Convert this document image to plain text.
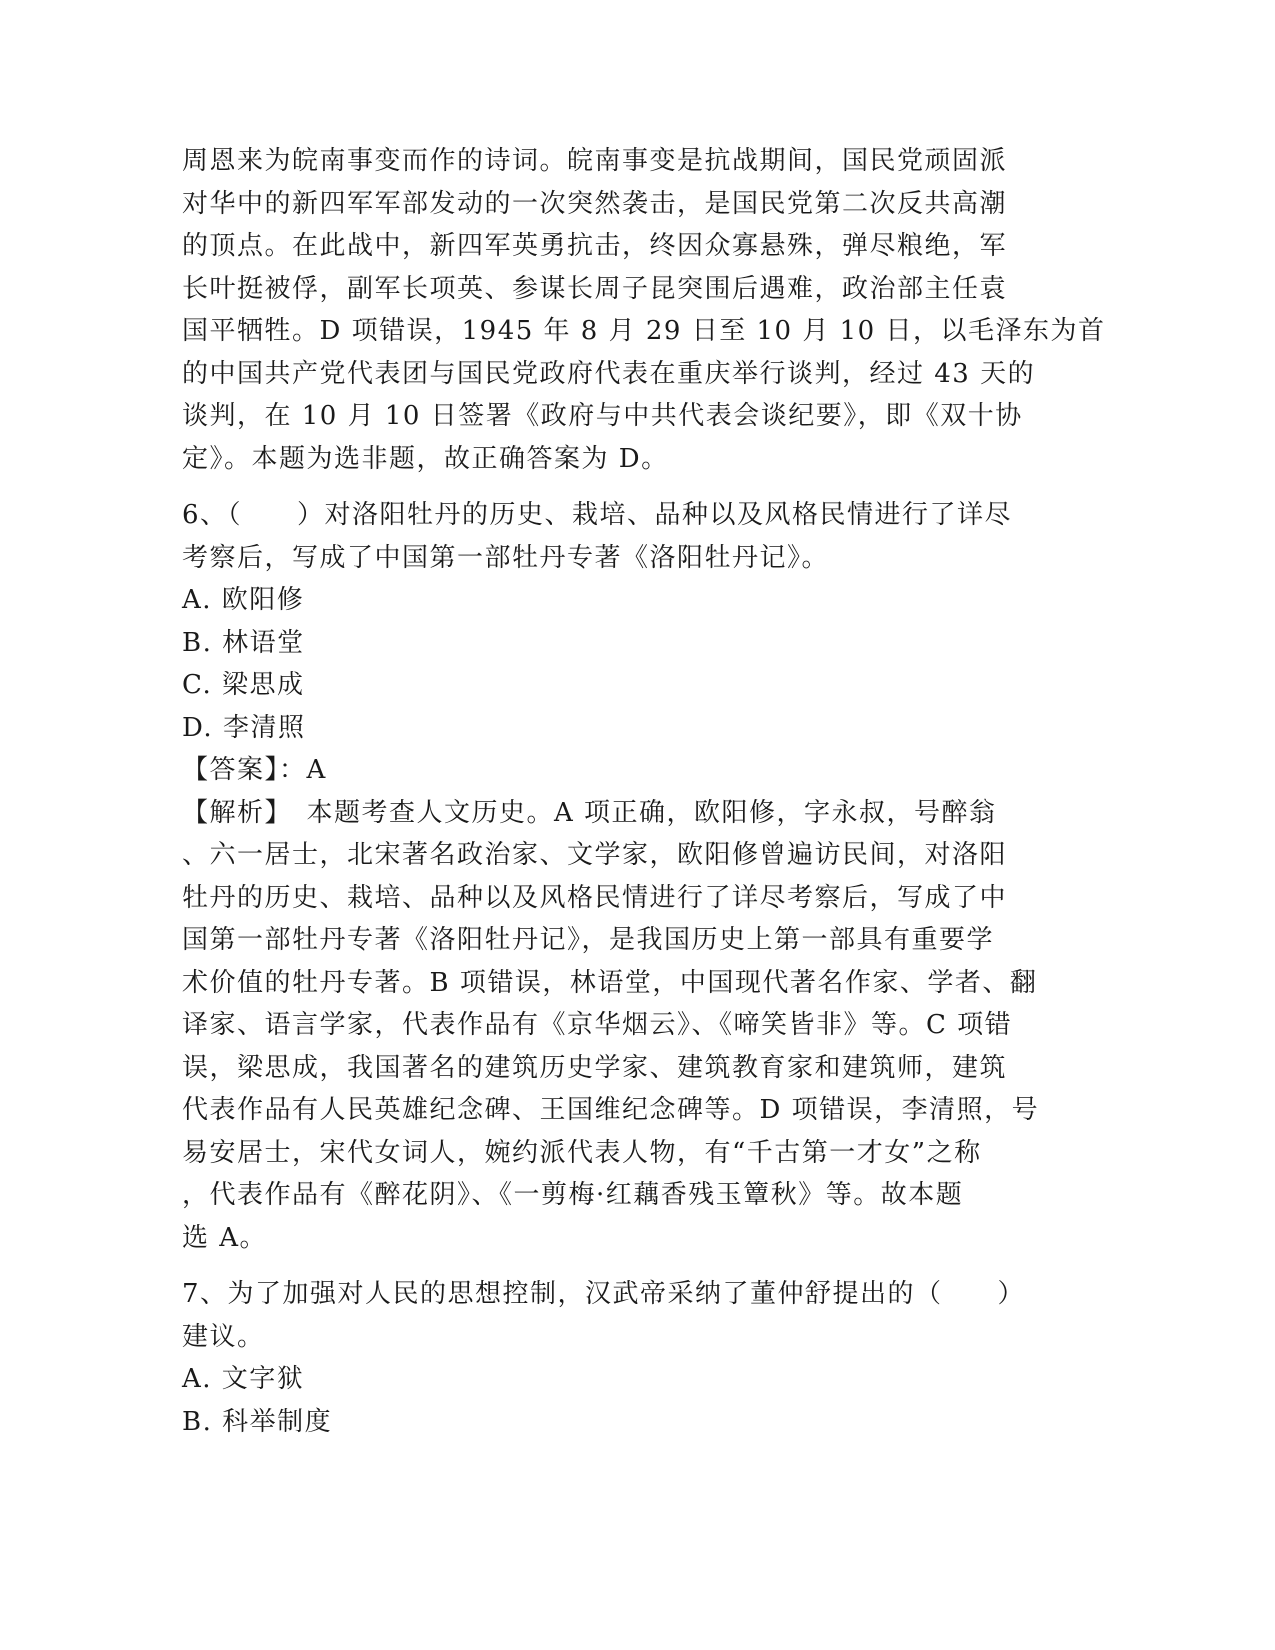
周恩来为皖南事变而作的诗词。皖南事变是抗战期间，国民党顽固派

对华中的新四军军部发动的一次突然袭击，是国民党第二次反共高潮

的顶点。在此战中，新四军英勇抗击，终因众寡悬殊，弹尽粮绝，军

长叶挺被俘，副军长项英、参谋长周子昆突围后遇难，政治部主任袁

国平牺牲。D 项错误，1945 年 8 月 29 日至 10 月 10 日，以毛泽东为首

的中国共产党代表团与国民党政府代表在重庆举行谈判，经过 43 天的

谈判，在 10 月 10 日签署《政府与中共代表会谈纪要》，即《双十协

定》。本题为选非题，故正确答案为 D。

6、（　　）对洛阳牡丹的历史、栽培、品种以及风格民情进行了详尽

考察后，写成了中国第一部牡丹专著《洛阳牡丹记》。

A. 欧阳修

B. 林语堂

C. 梁思成

D. 李清照

【答案】：A

【解析】　本题考查人文历史。A 项正确，欧阳修，字永叔，号醉翁

、六一居士，北宋著名政治家、文学家，欧阳修曾遍访民间，对洛阳

牡丹的历史、栽培、品种以及风格民情进行了详尽考察后，写成了中

国第一部牡丹专著《洛阳牡丹记》，是我国历史上第一部具有重要学

术价值的牡丹专著。B 项错误，林语堂，中国现代著名作家、学者、翻

译家、语言学家，代表作品有《京华烟云》、《啼笑皆非》等。C 项错

误，梁思成，我国著名的建筑历史学家、建筑教育家和建筑师，建筑

代表作品有人民英雄纪念碑、王国维纪念碑等。D 项错误，李清照，号

易安居士，宋代女词人，婉约派代表人物，有“千古第一才女”之称

，代表作品有《醉花阴》、《一剪梅·红藕香残玉簟秋》等。故本题

选 A。

7、为了加强对人民的思想控制，汉武帝采纳了董仲舒提出的（　　）

建议。

A. 文字狱

B. 科举制度
